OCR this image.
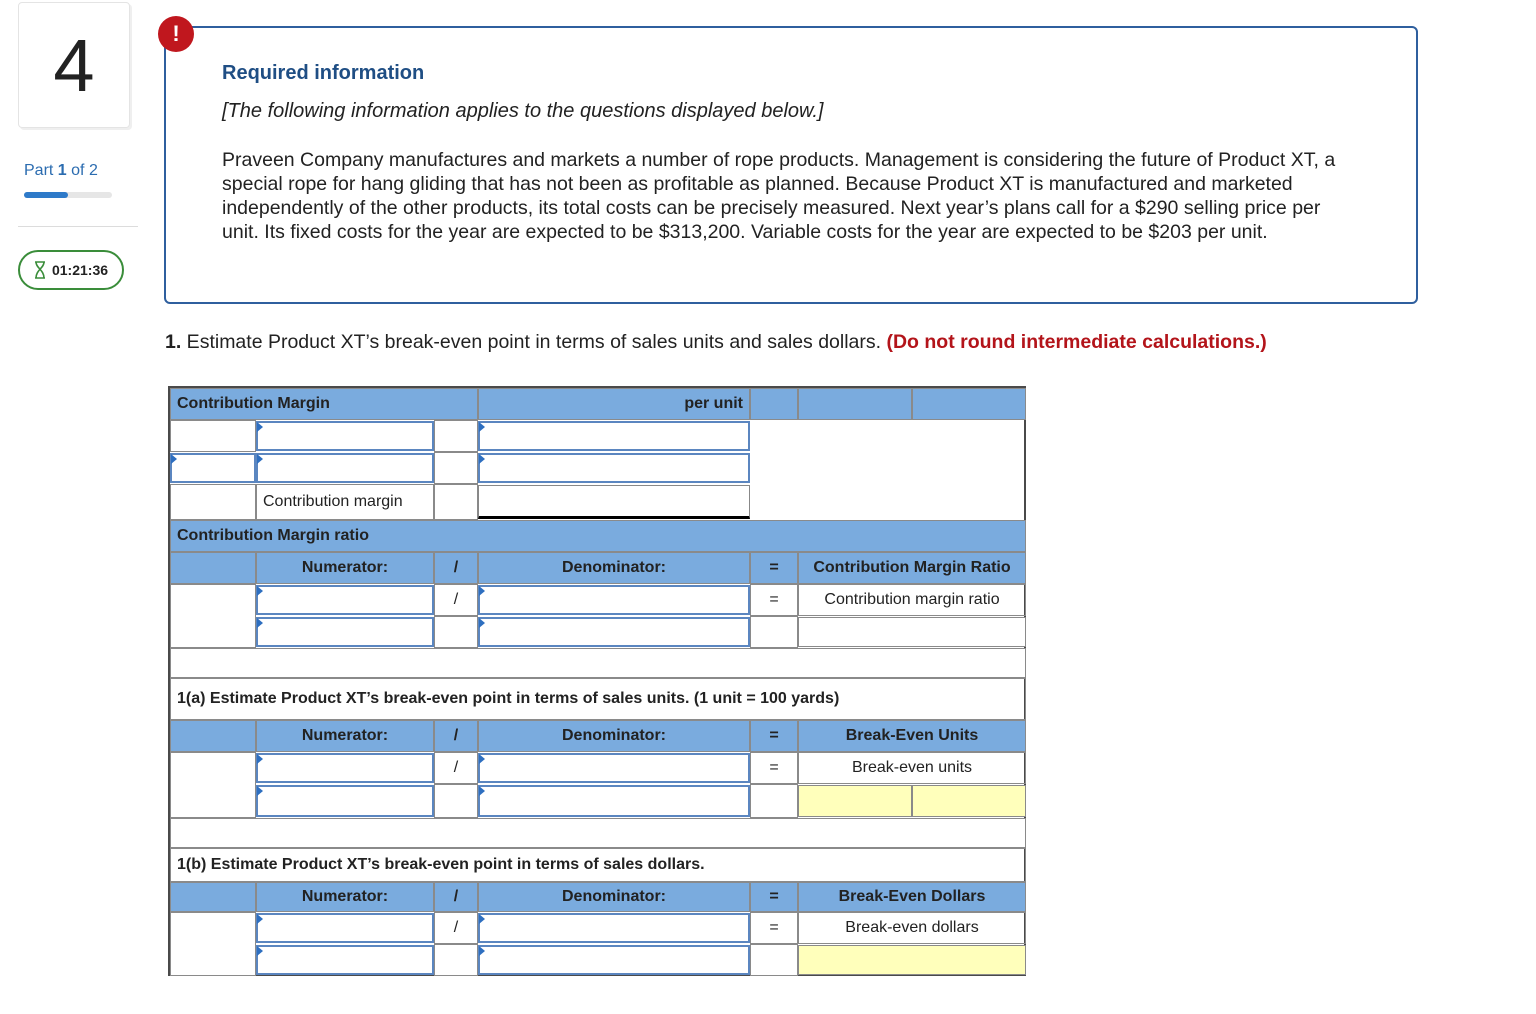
4
Part 1 of 2
01:21:36
!
Required information
[The following information applies to the questions displayed below.]
Praveen Company manufactures and markets a number of rope products. Management is considering the future of Product XT, a special rope for hang gliding that has not been as profitable as planned. Because Product XT is manufactured and marketed independently of the other products, its total costs can be precisely measured. Next year’s plans call for a $290 selling price per unit. Its fixed costs for the year are expected to be $313,200. Variable costs for the year are expected to be $203 per unit.
1. Estimate Product XT’s break-even point in terms of sales units and sales dollars. (Do not round intermediate calculations.)
Contribution Margin	per unit
Contribution margin
Contribution Margin ratio
Numerator:	/	Denominator:	=	Contribution Margin Ratio
/	=	Contribution margin ratio
1(a) Estimate Product XT’s break-even point in terms of sales units. (1 unit = 100 yards)
Numerator:	/	Denominator:	=	Break-Even Units
/	=	Break-even units
1(b) Estimate Product XT’s break-even point in terms of sales dollars.
Numerator:	/	Denominator:	=	Break-Even Dollars
/	=	Break-even dollars
